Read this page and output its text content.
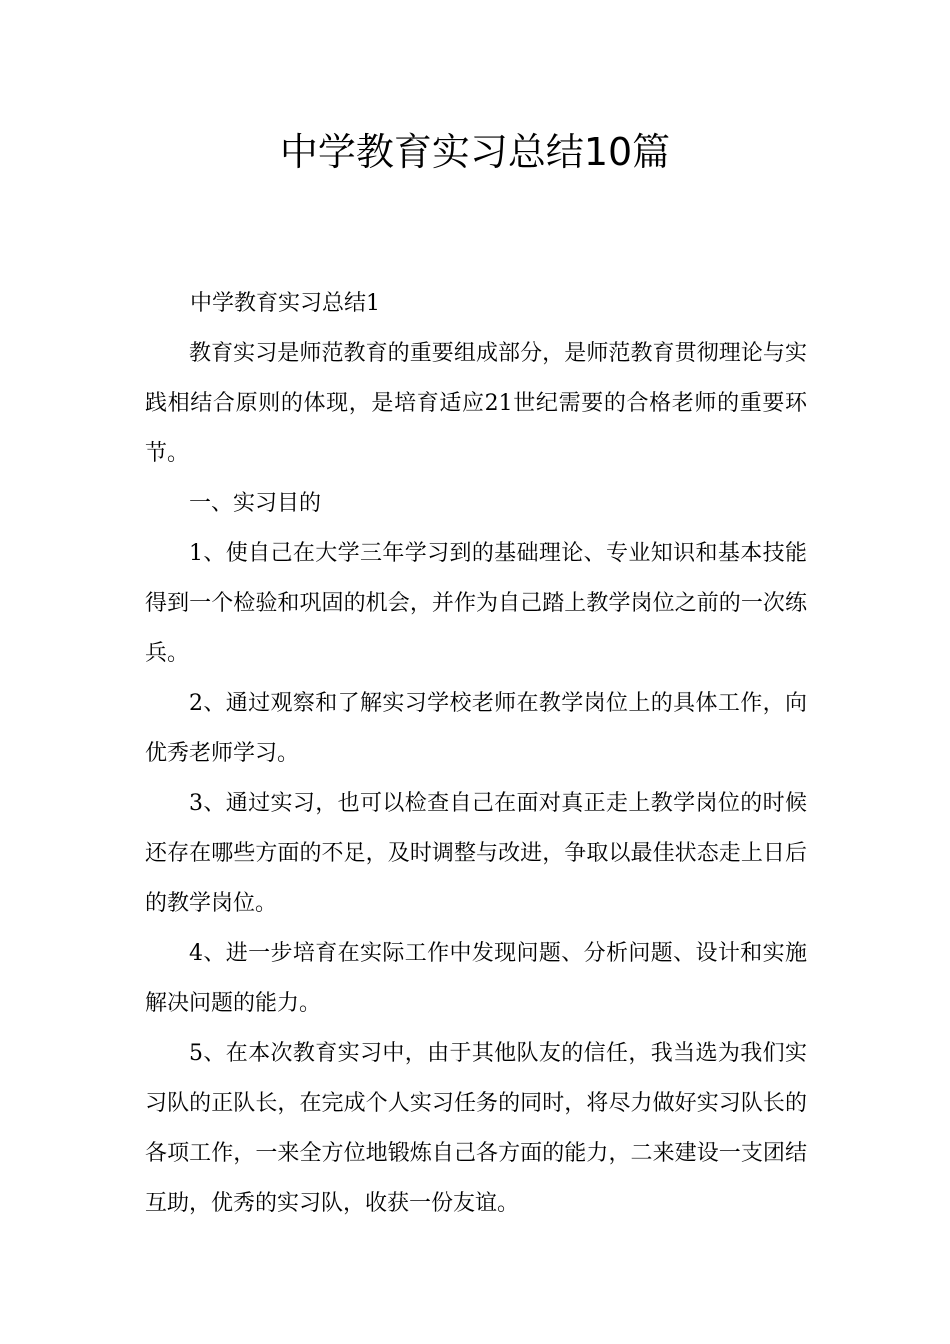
中学教育实习总结10篇

中学教育实习总结1

教育实习是师范教育的重要组成部分，是师范教育贯彻理论与实践相结合原则的体现，是培育适应21世纪需要的合格老师的重要环节。

一、实习目的

1、使自己在大学三年学习到的基础理论、专业知识和基本技能得到一个检验和巩固的机会，并作为自己踏上教学岗位之前的一次练兵。

2、通过观察和了解实习学校老师在教学岗位上的具体工作，向优秀老师学习。

3、通过实习，也可以检查自己在面对真正走上教学岗位的时候还存在哪些方面的不足，及时调整与改进，争取以最佳状态走上日后的教学岗位。

4、进一步培育在实际工作中发现问题、分析问题、设计和实施解决问题的能力。

5、在本次教育实习中，由于其他队友的信任，我当选为我们实习队的正队长，在完成个人实习任务的同时，将尽力做好实习队长的各项工作，一来全方位地锻炼自己各方面的能力，二来建设一支团结互助，优秀的实习队，收获一份友谊。
